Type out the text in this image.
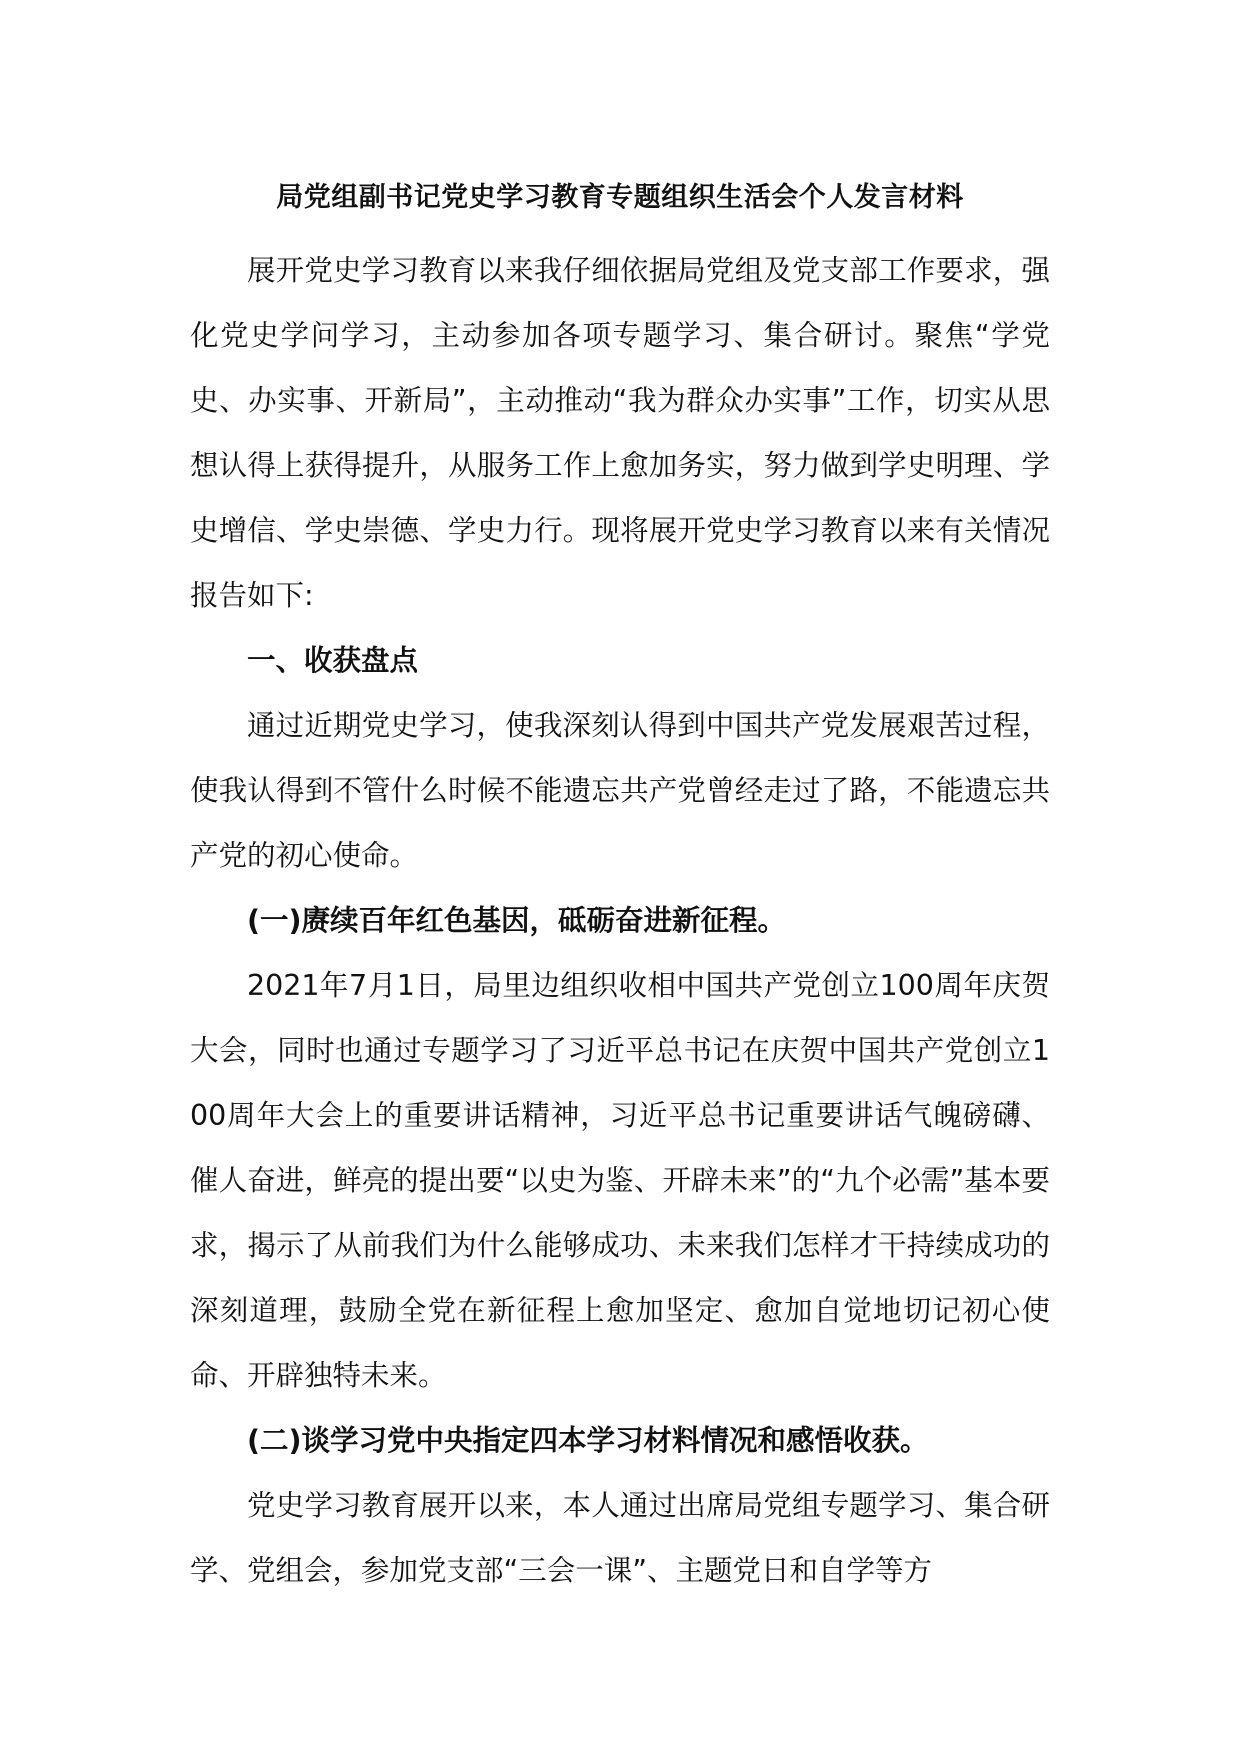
局党组副书记党史学习教育专题组织生活会个人发言材料

展开党史学习教育以来我仔细依据局党组及党支部工作要求，强化党史学问学习，主动参加各项专题学习、集合研讨。聚焦“学党史、办实事、开新局”，主动推动“我为群众办实事”工作，切实从思想认得上获得提升，从服务工作上愈加务实，努力做到学史明理、学史增信、学史崇德、学史力行。现将展开党史学习教育以来有关情况报告如下:

一、收获盘点

通过近期党史学习，使我深刻认得到中国共产党发展艰苦过程，使我认得到不管什么时候不能遗忘共产党曾经走过了路，不能遗忘共产党的初心使命。

(一)赓续百年红色基因，砥砺奋进新征程。

2021年7月1日，局里边组织收相中国共产党创立100周年庆贺大会，同时也通过专题学习了习近平总书记在庆贺中国共产党创立100周年大会上的重要讲话精神，习近平总书记重要讲话气魄磅礴、催人奋进，鲜亮的提出要“以史为鉴、开辟未来”的“九个必需”基本要求，揭示了从前我们为什么能够成功、未来我们怎样才干持续成功的深刻道理，鼓励全党在新征程上愈加坚定、愈加自觉地切记初心使命、开辟独特未来。

(二)谈学习党中央指定四本学习材料情况和感悟收获。

党史学习教育展开以来，本人通过出席局党组专题学习、集合研学、党组会，参加党支部“三会一课”、主题党日和自学等方
